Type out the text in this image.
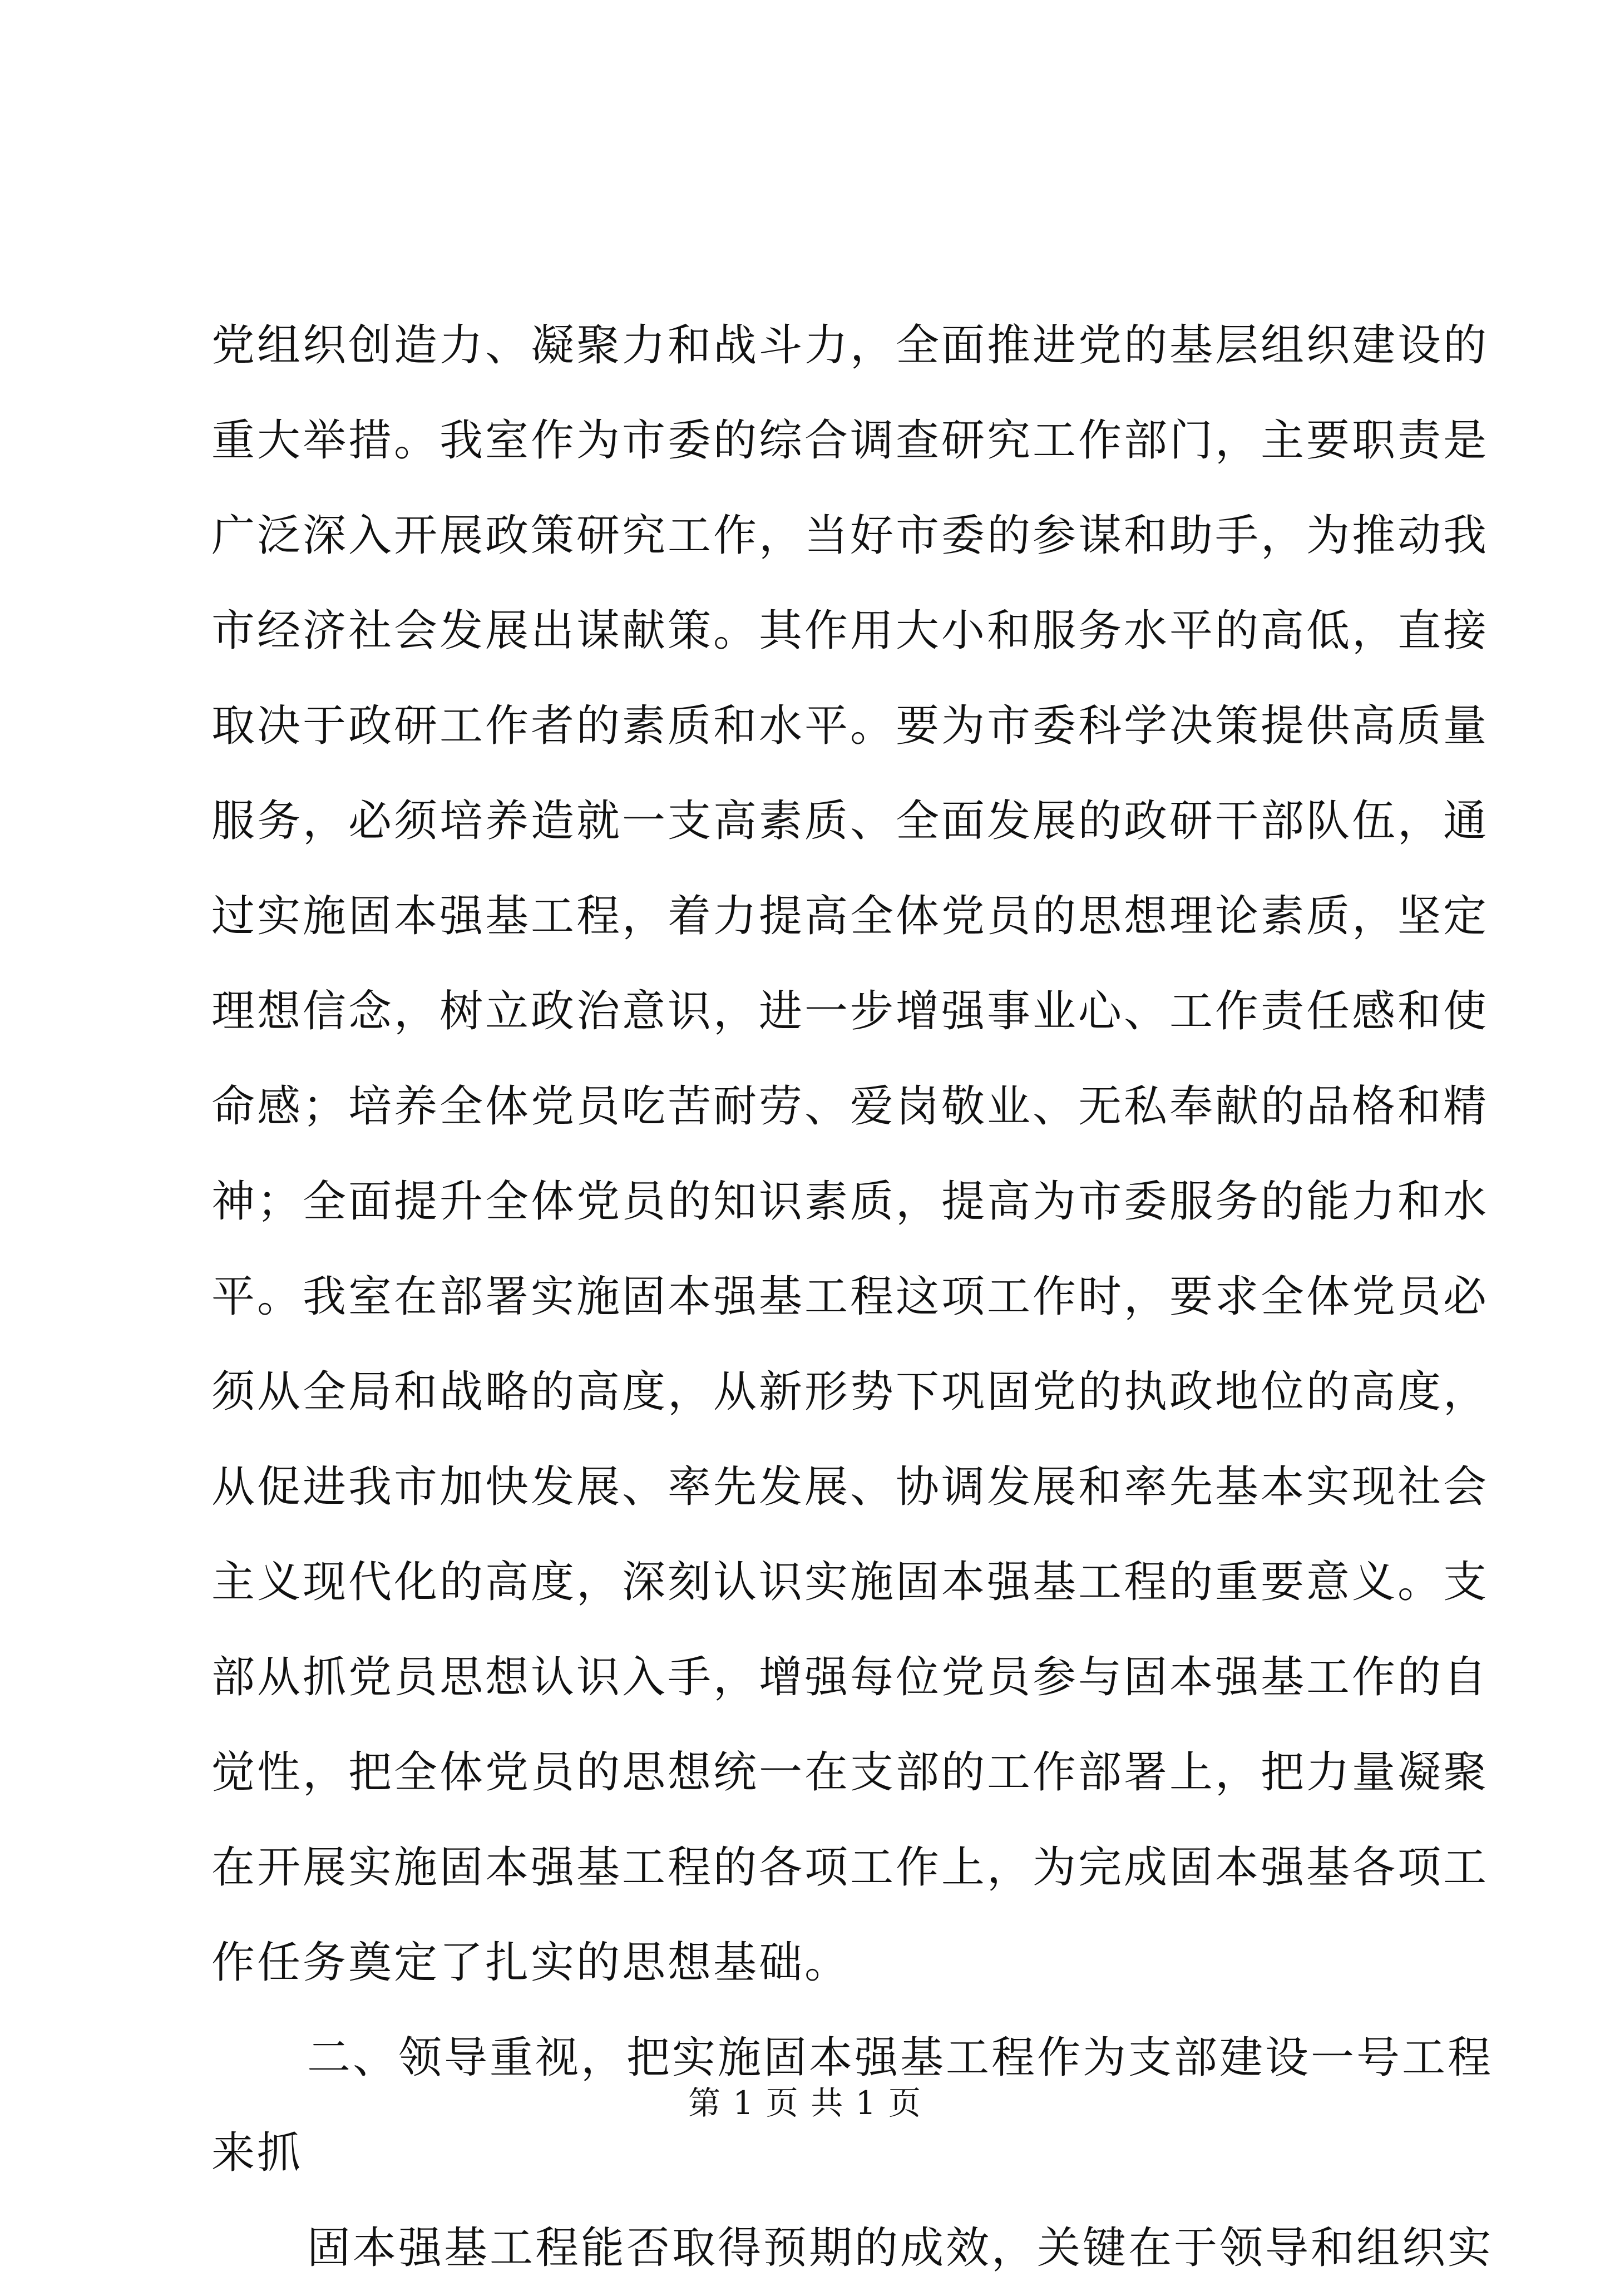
党组织创造力、凝聚力和战斗力，全面推进党的基层组织建设的
重大举措。我室作为市委的综合调查研究工作部门，主要职责是
广泛深入开展政策研究工作，当好市委的参谋和助手，为推动我
市经济社会发展出谋献策。其作用大小和服务水平的高低，直接
取决于政研工作者的素质和水平。要为市委科学决策提供高质量
服务，必须培养造就一支高素质、全面发展的政研干部队伍，通
过实施固本强基工程，着力提高全体党员的思想理论素质，坚定
理想信念，树立政治意识，进一步增强事业心、工作责任感和使
命感；培养全体党员吃苦耐劳、爱岗敬业、无私奉献的品格和精
神；全面提升全体党员的知识素质，提高为市委服务的能力和水
平。我室在部署实施固本强基工程这项工作时，要求全体党员必
须从全局和战略的高度，从新形势下巩固党的执政地位的高度，
从促进我市加快发展、率先发展、协调发展和率先基本实现社会
主义现代化的高度，深刻认识实施固本强基工程的重要意义。支
部从抓党员思想认识入手，增强每位党员参与固本强基工作的自
觉性，把全体党员的思想统一在支部的工作部署上，把力量凝聚
在开展实施固本强基工程的各项工作上，为完成固本强基各项工
作任务奠定了扎实的思想基础。
二、领导重视，把实施固本强基工程作为支部建设一号工程
来抓
固本强基工程能否取得预期的成效，关键在于领导和组织实
第 1 页 共 1 页
